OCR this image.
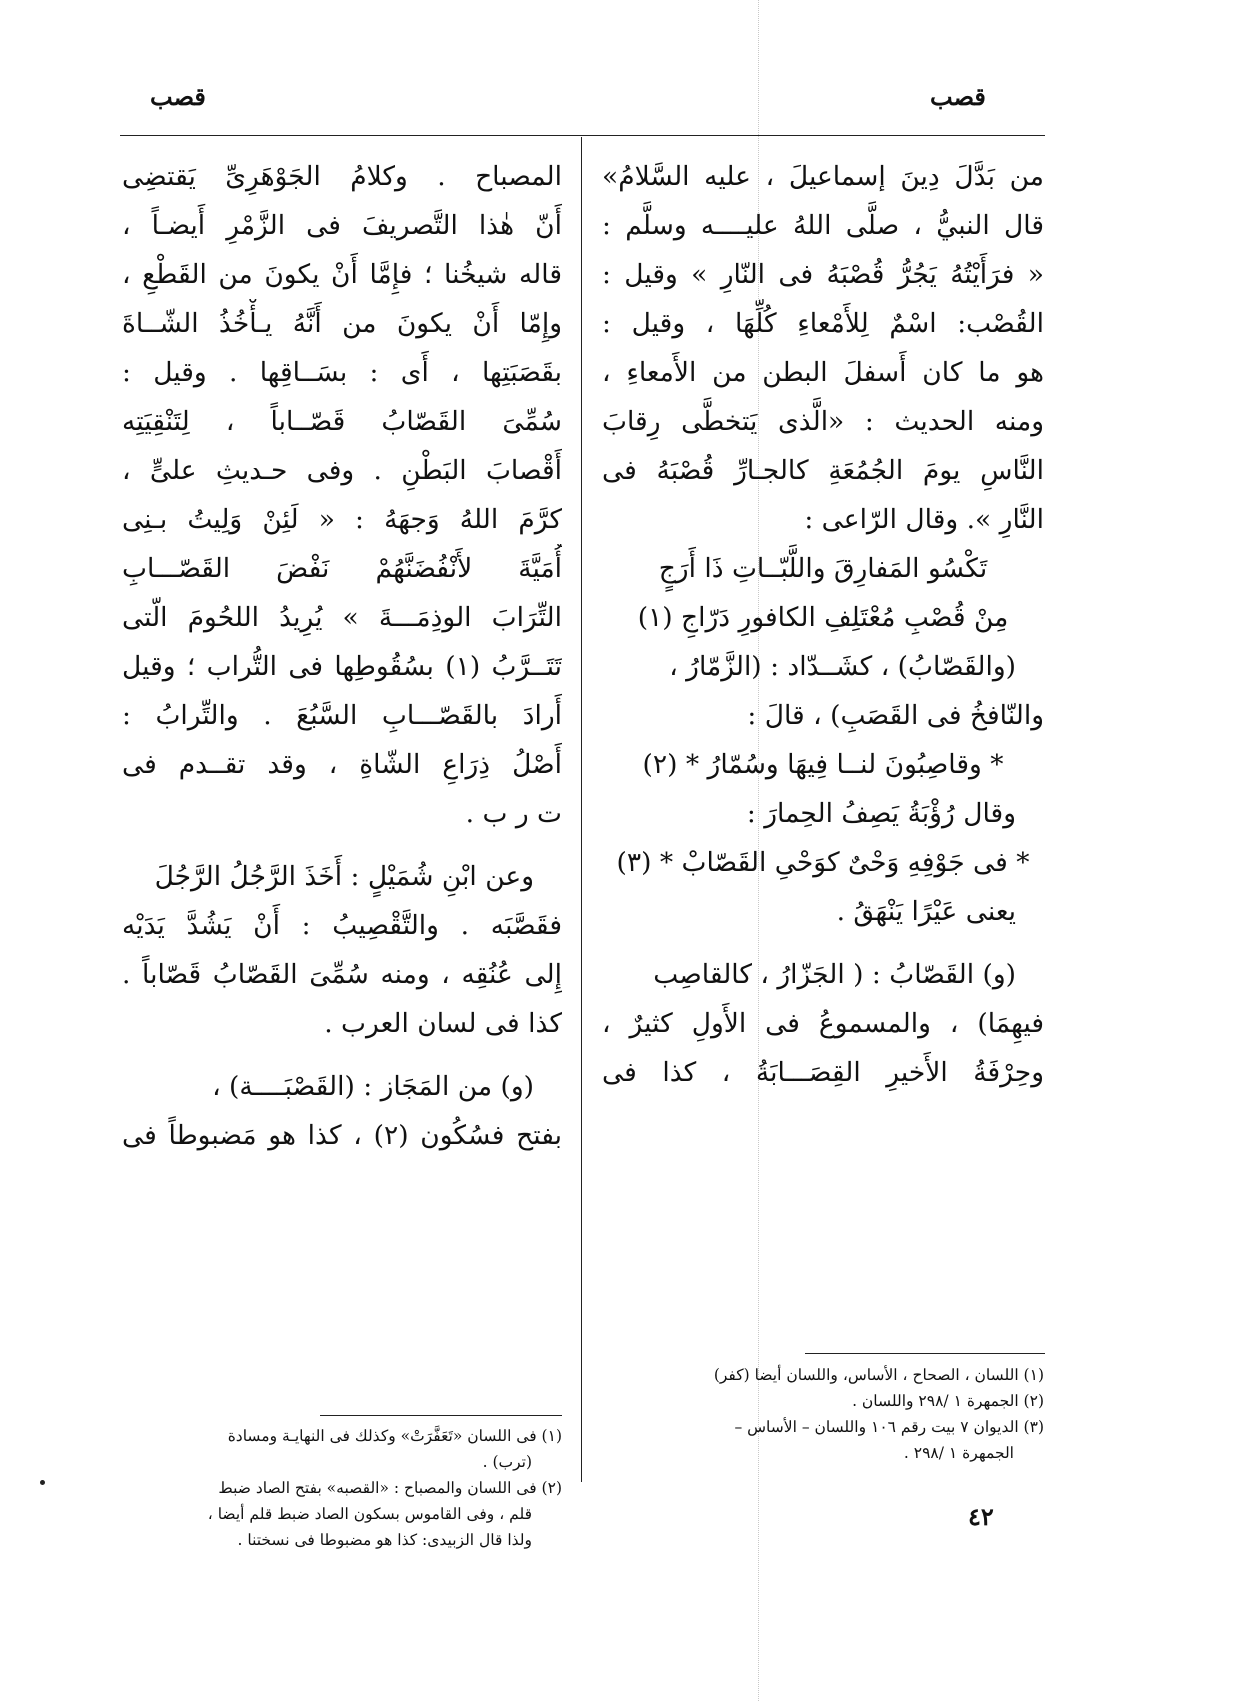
قصب
قصب
من بَدَّلَ دِينَ إسماعيلَ ، عليه السَّلامُ»
قال النبيُّ ، صلَّى اللهُ عليــــه وسلَّم :
« فرَأَيْتُهُ يَجُرُّ قُصْبَهُ فى النّارِ » وقيل :
القُصْب: اسْمٌ لِلأَمْعاءِ كُلِّهَا ، وقيل :
هو ما كان أَسفلَ البطن من الأَمعاءِ ،
ومنه الحديث : «الَّذى يَتخطَّى رِقابَ
النَّاسِ يومَ الجُمُعَةِ كالجـارِّ قُصْبَهُ فى
النَّارِ ». وقال الرّاعى :
تَكْسُو المَفارِقَ واللَّبّــاتِ ذَا أَرَجٍ
مِنْ قُصْبِ مُعْتَلِفِ الكافورِ دَرّاجِ (١)
(والقَصّابُ) ، كشَــدّاد : (الزَّمّارُ ،
والنّافخُ فى القَصَبِ) ، قالَ :
* وقاصِبُونَ لنــا فِيهَا وسُمّارُ * (٢)
وقال رُؤْبَةُ يَصِفُ الحِمارَ :
* فى جَوْفِهِ وَحْىٌ كوَحْىِ القَصّابْ * (٣)
يعنى عَيْرًا يَنْهَقُ .
(و) القَصّابُ : ( الجَزّارُ ، كالقاصِب
فيهِمَا) ، والمسموعُ فى الأَولِ كثيرٌ ،
وحِرْفَةُ الأَخيرِ القِصَـــابَةُ ، كذا فى
المصباح . وكلامُ الجَوْهَرِىِّ يَقتضِى
أَنّ هٰذا التَّصريفَ فى الزَّمْرِ أَيضـاً ،
قاله شيخُنا ؛ فإِمَّا أَنْ يكونَ من القَطْعِ ،
وإِمّا أَنْ يكونَ من أَنَّهُ يـأْخُذُ الشّــاةَ
بقَصَبَتِها ، أَى : بسَــاقِها . وقيل :
سُمِّىَ القَصّابُ قَصّــاباً ، لِتَنْقِيَتِه
أَقْصابَ البَطْنِ . وفى حـديثِ علىٍّ ،
كرَّمَ اللهُ وَجهَهُ : « لَئِنْ وَلِيتُ بـنِى
أُمَيَّةَ لأَنْفُضَنَّهُمْ نَفْضَ القَصّـــابِ
التِّرَابَ الوذِمَـــةَ » يُرِيدُ اللحُومَ الّتى
تَتَــرَّبُ (١) بسُقُوطِها فى التُّراب ؛ وقيل
أَرادَ بالقَصّـــابِ السَّبُعَ . والتِّرابُ :
أَصْلُ ذِرَاعِ الشّاةِ ، وقد تقــدم فى
ت ر ب .
وعن ابْنِ شُمَيْلٍ : أَخَذَ الرَّجُلُ الرَّجُلَ
فقَصَّبَه . والتَّقْصِيبُ : أَنْ يَشُدَّ يَدَيْه
إِلى عُنُقِه ، ومنه سُمِّىَ القَصّابُ قَصّاباً .
كذا فى لسان العرب .
(و) من المَجَاز : (القَصْبَــــة) ،
بفتح فسُكُون (٢) ، كذا هو مَضبوطاً فى
(١) اللسان ، الصحاح ، الأساس، واللسان أيضا (كفر)
(٢) الجمهرة ١ /٢٩٨ واللسان .
(٣) الديوان ٧ بيت رقم ١٠٦ واللسان – الأساس –
الجمهرة ١ /٢٩٨ .
(١) فى اللسان «تَعَفَّرَتْ» وكذلك فى النهايـة ومسادة
(ترب) .
(٢) فى اللسان والمصباح : «القصبه» بفتح الصاد ضبط
قلم ، وفى القاموس بسكون الصاد ضبط قلم أيضا ،
ولذا قال الزبيدى: كذا هو مضبوطا فى نسختنا .
٤٢
